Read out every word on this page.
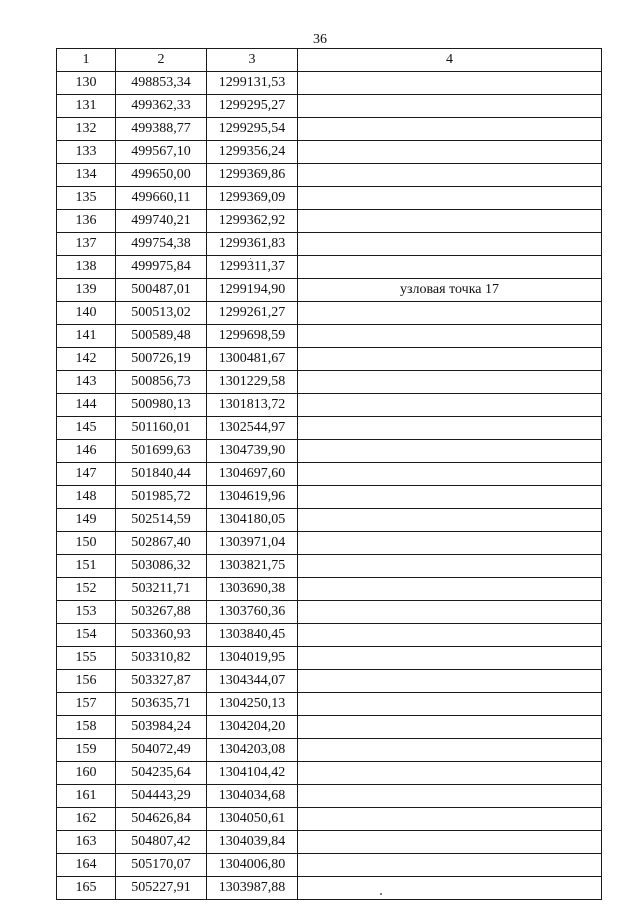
36
1	2	3	4
130	498853,34	1299131,53	
131	499362,33	1299295,27	
132	499388,77	1299295,54	
133	499567,10	1299356,24	
134	499650,00	1299369,86	
135	499660,11	1299369,09	
136	499740,21	1299362,92	
137	499754,38	1299361,83	
138	499975,84	1299311,37	
139	500487,01	1299194,90	узловая точка 17
140	500513,02	1299261,27	
141	500589,48	1299698,59	
142	500726,19	1300481,67	
143	500856,73	1301229,58	
144	500980,13	1301813,72	
145	501160,01	1302544,97	
146	501699,63	1304739,90	
147	501840,44	1304697,60	
148	501985,72	1304619,96	
149	502514,59	1304180,05	
150	502867,40	1303971,04	
151	503086,32	1303821,75	
152	503211,71	1303690,38	
153	503267,88	1303760,36	
154	503360,93	1303840,45	
155	503310,82	1304019,95	
156	503327,87	1304344,07	
157	503635,71	1304250,13	
158	503984,24	1304204,20	
159	504072,49	1304203,08	
160	504235,64	1304104,42	
161	504443,29	1304034,68	
162	504626,84	1304050,61	
163	504807,42	1304039,84	
164	505170,07	1304006,80	
165	505227,91	1303987,88	
